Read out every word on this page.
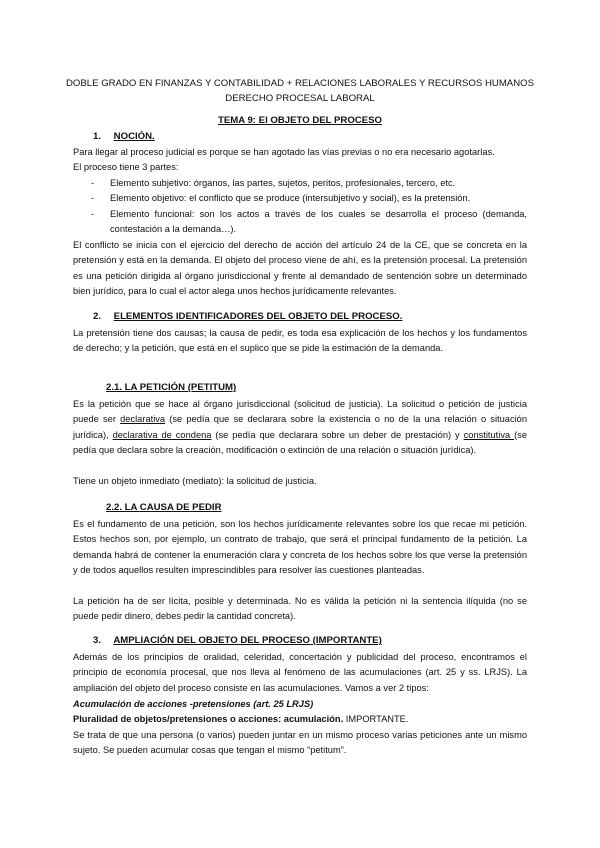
DOBLE GRADO EN FINANZAS Y CONTABILIDAD + RELACIONES LABORALES Y RECURSOS HUMANOS
DERECHO PROCESAL LABORAL
TEMA 9: El OBJETO DEL PROCESO
1. NOCIÓN.

Para llegar al proceso judicial es porque se han agotado las vías previas o no era necesario agotarlas.

El proceso tiene 3 partes:

- Elemento subjetivo: órganos, las partes, sujetos, peritos, profesionales, tercero, etc.
- Elemento objetivo: el conflicto que se produce (intersubjetivo y social), es la pretensión.
- Elemento funcional: son los actos a través de los cuales se desarrolla el proceso (demanda, contestación a la demanda…).

El conflicto se inicia con el ejercicio del derecho de acción del artículo 24 de la CE, que se concreta en la pretensión y está en la demanda. El objeto del proceso viene de ahí, es la pretensión procesal. La pretensión es una petición dirigida al órgano jurisdiccional y frente al demandado de sentención sobre un determinado bien jurídico, para lo cual el actor alega unos hechos jurídicamente relevantes.

2. ELEMENTOS IDENTIFICADORES DEL OBJETO DEL PROCESO.

La pretensión tiene dos causas; la causa de pedir, es toda esa explicación de los hechos y los fundamentos de derecho; y la petición, que está en el suplico que se pide la estimación de la demanda.

2.1. LA PETICIÓN (PETITUM)

Es la petición que se hace al órgano jurisdiccional (solicitud de justicia). La solicitud o petición de justicia puede ser declarativa (se pedía que se declarara sobre la existencia o no de la una relación o situación jurídica), declarativa de condena (se pedía que declarara sobre un deber de prestación) y constitutiva (se pedía que declara sobre la creación, modificación o extinción de una relación o situación jurídica).

Tiene un objeto inmediato (mediato): la solicitud de justicia.

2.2. LA CAUSA DE PEDIR

Es el fundamento de una petición, son los hechos jurídicamente relevantes sobre los que recae mi petición. Estos hechos son, por ejemplo, un contrato de trabajo, que será el principal fundamento de la petición. La demanda habrá de contener la enumeración clara y concreta de los hechos sobre los que verse la pretensión y de todos aquellos resulten imprescindibles para resolver las cuestiones planteadas.

La petición ha de ser lícita, posible y determinada. No es válida la petición ni la sentencia ilíquida (no se puede pedir dinero, debes pedir la cantidad concreta).

3. AMPLIACIÓN DEL OBJETO DEL PROCESO (IMPORTANTE)

Además de los principios de oralidad, celeridad, concertación y publicidad del proceso, encontramos el principio de economía procesal, que nos lleva al fenómeno de las acumulaciones (art. 25 y ss. LRJS). La ampliación del objeto del proceso consiste en las acumulaciones. Vamos a ver 2 tipos:

Acumulación de acciones -pretensiones (art. 25 LRJS)

Pluralidad de objetos/pretensiones o acciones: acumulación. IMPORTANTE.

Se trata de que una persona (o varios) pueden juntar en un mismo proceso varias peticiones ante un mismo sujeto. Se pueden acumular cosas que tengan el mismo “petitum”.
